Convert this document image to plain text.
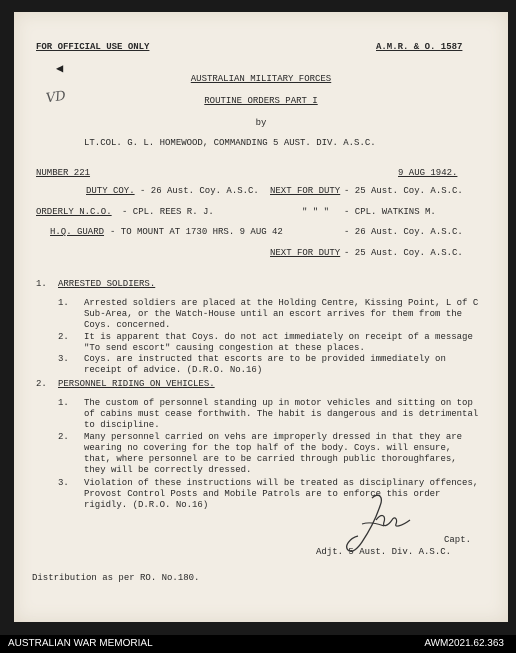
FOR OFFICIAL USE ONLY	A.M.R. & O. 1587
◀
VD
AUSTRALIAN MILITARY FORCES
ROUTINE ORDERS PART I
by
LT.COL. G. L. HOMEWOOD, COMMANDING 5 AUST. DIV. A.S.C.
NUMBER 221	9 AUG 1942.
DUTY COY. - 26 Aust. Coy. A.S.C. NEXT FOR DUTY - 25 Aust. Coy. A.S.C.
ORDERLY N.C.O. - CPL. REES R. J.	" " " - CPL. WATKINS M.
H.Q. GUARD - TO MOUNT AT 1730 HRS. 9 AUG 42	- 26 Aust. Coy. A.S.C.
NEXT FOR DUTY - 25 Aust. Coy. A.S.C.
1. ARRESTED SOLDIERS.
1. Arrested soldiers are placed at the Holding Centre, Kissing Point, L of C Sub-Area, or the Watch-House until an escort arrives for them from the Coys. concerned.
2. It is apparent that Coys. do not act immediately on receipt of a message "To send escort" causing congestion at these places.
3. Coys. are instructed that escorts are to be provided immediately on receipt of advice. (D.R.O. No.16)
2. PERSONNEL RIDING ON VEHICLES.
1. The custom of personnel standing up in motor vehicles and sitting on top of cabins must cease forthwith. The habit is dangerous and is detrimental to discipline.
2. Many personnel carried on vehs are improperly dressed in that they are wearing no covering for the top half of the body. Coys. will ensure, that, where personnel are to be carried through public thoroughfares, they will be correctly dressed.
3. Violation of these instructions will be treated as disciplinary offences, Provost Control Posts and Mobile Patrols are to enforce this order rigidly. (D.R.O. No.16)
Capt.
Adjt. 5 Aust. Div. A.S.C.
Distribution as per RO. No.180.
AUSTRALIAN WAR MEMORIAL	AWM2021.62.363
